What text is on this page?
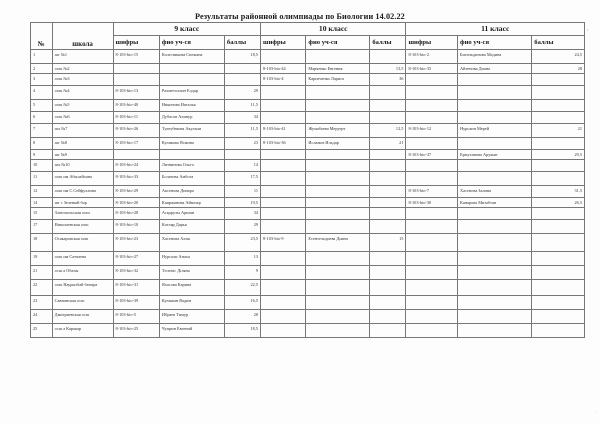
Результаты районной олимпиады по Биологии 14.02.22
'
'
№	школа	9 класс			10 класс			11 класс		
		шифры	фио уч-ся	баллы	шифры	фио уч-ся	баллы	шифры	фио уч-ся	баллы
1	шг №1	8-103-bio-15	Колесникова Снежана	18,5				8-103-bio-2	Бигильдинова Мадина	24,5
2	оош №2				8-103-bio-44	Марченко Евгения	13,5	8-103-bio-35	Айтенова Диана	28
3	оош №3				8-103-bio-4	Карпеченко Лариса	36			
4	оош №4	8-103-bio-13	Рахметоллин Елдар	29						
5	оош №5	8-103-bio-40	Никонова Наталья	11,5						
6	оош №6	8-103-bio-11	Дубасов Алинур	34						
7	шл №7	8-103-bio-26	Тулеубекова Акульпи	11,5	8-103-bio-41	Жумабаева Меруерт	12,5	8-103-bio-12	Нурсаин Мерей	21
8	шг №8	8-103-bio-17	Куликова Ясмина	23	8-103-bio-36	Исламов Ильдар	21			
9	шг №9							8-103-bio-37	Ермуханова Аружан	29,5
10	шл №10	8-103-bio-24	Литвинова Ольга	14						
11	оош им Абылайхана	8-103-bio-33	Болатова Амбота	17,5						
12	оош им С.Сейфуллина	8-103-bio-29	Аксенова Динара	11				8-103-bio-7	Хасенова Залина	31,5
14	шг с Зеленый бор	8-103-bio-20	Каиржанова Айназар	19,5				8-103-bio-30	Канарова Мизабтан	26,5
15	Златопольская оош	8-103-bio-28	Асқарулы Аршин	34						
17	Николаевская оош	8-103-bio-10	Котляр Дарья	29						
18	Осакаровская оош	8-103-bio-23	Хасенова Алия	23,5	8-103-bio-9	Есентельдиева Диана	15			
19	оош им Сатпаева	8-103-bio-27	Нургали Анаха	13						
21	осш а Обалы	8-103-bio-32	Төлепіс Діляна	9						
22	оош Наурызбай батыра	8-103-bio-31	Яхасова Карина	22,5						
23	Саввинская осш	8-103-bio-39	Кулыкин Вадим	16,5						
24	Дмитриевская осш	8-103-bio-5	Ибраев Тимур	28						
25	осш а Каракар	8-103-bio-25	Чуприн Евгений	18,5						
